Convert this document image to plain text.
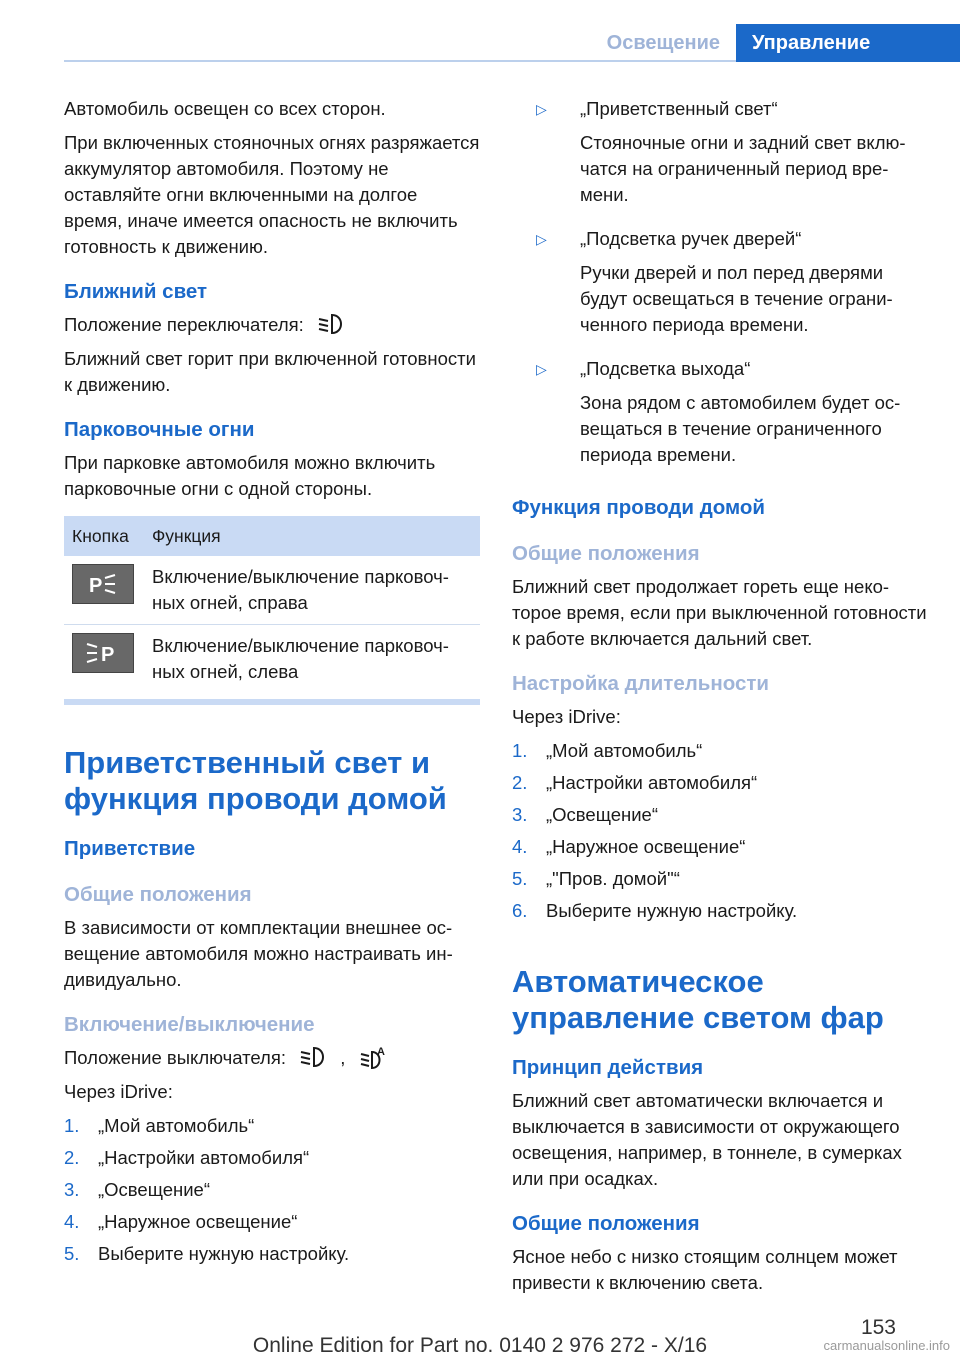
Освещение	Управление

Автомобиль освещен со всех сторон.

При включенных стояночных огнях разряжается аккумулятор автомобиля. Поэтому не оставляйте огни включенными на долгое время, иначе имеется опасность не включить готовность к движению.

Ближний свет

Положение переключателя:

Ближний свет горит при включенной готовности к движению.

Парковочные огни

При парковке автомобиля можно включить парковочные огни с одной стороны.

Кнопка	Функция

P	Включение/выключение парковочных огней, справа

P	Включение/выключение парковочных огней, слева
Приветственный свет и функция проводи домой
Приветствие
Общие положения

В зависимости от комплектации внешнее освещение автомобиля можно настраивать индивидуально.

Включение/выключение

Положение выключателя:	,	A

Через iDrive:

1.	„Мой автомобиль“
2.	„Настройки автомобиля“
3.	„Освещение“
4.	„Наружное освещение“
5.	Выберите нужную настройку.
▷	„Приветственный свет“

Стояночные огни и задний свет включатся на ограниченный период времени.

▷	„Подсветка ручек дверей“

Ручки дверей и пол перед дверями будут освещаться в течение ограниченного периода времени.

▷	„Подсветка выхода“

Зона рядом с автомобилем будет освещаться в течение ограниченного периода времени.

Функция проводи домой
Общие положения

Ближний свет продолжает гореть еще некоторое время, если при выключенной готовности к работе включается дальний свет.

Настройка длительности

Через iDrive:

1.	„Мой автомобиль“
2.	„Настройки автомобиля“
3.	„Освещение“
4.	„Наружное освещение“
5.	„"Пров. домой"“
6.	Выберите нужную настройку.
Автоматическое управление светом фар
Принцип действия

Ближний свет автоматически включается и выключается в зависимости от окружающего освещения, например, в тоннеле, в сумерках или при осадках.

Общие положения

Ясное небо с низко стоящим солнцем может привести к включению света.

153
Online Edition for Part no. 0140 2 976 272 - X/16	carmanualsonline.info
